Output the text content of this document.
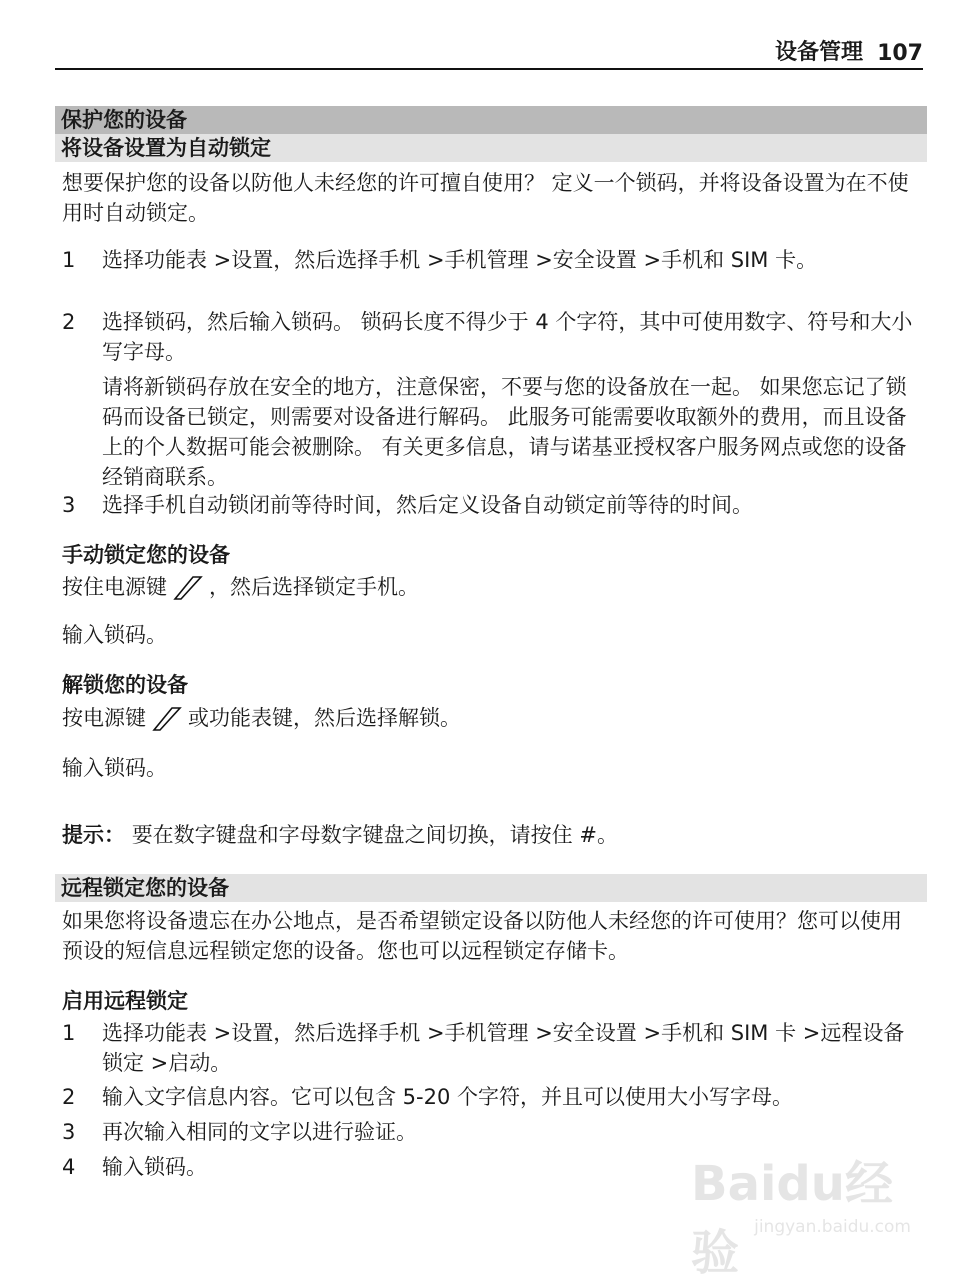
设备管理 107
保护您的设备
将设备设置为自动锁定
想要保护您的设备以防他人未经您的许可擅自使用？ 定义一个锁码，并将设备设置为在不使用时自动锁定。
1	选择功能表 >设置，然后选择手机 >手机管理 >安全设置 >手机和 SIM 卡。
2	选择锁码，然后输入锁码。 锁码长度不得少于 4 个字符，其中可使用数字、符号和大小写字母。
请将新锁码存放在安全的地方，注意保密，不要与您的设备放在一起。 如果您忘记了锁码而设备已锁定，则需要对设备进行解码。 此服务可能需要收取额外的费用，而且设备上的个人数据可能会被删除。 有关更多信息，请与诺基亚授权客户服务网点或您的设备经销商联系。
3	选择手机自动锁闭前等待时间，然后定义设备自动锁定前等待的时间。
手动锁定您的设备
按住电源键 ，然后选择锁定手机。
输入锁码。
解锁您的设备
按电源键 或功能表键，然后选择解锁。
输入锁码。
提示： 要在数字键盘和字母数字键盘之间切换，请按住 #。
远程锁定您的设备
如果您将设备遗忘在办公地点，是否希望锁定设备以防他人未经您的许可使用？您可以使用预设的短信息远程锁定您的设备。您也可以远程锁定存储卡。
启用远程锁定
1	选择功能表 >设置，然后选择手机 >手机管理 >安全设置 >手机和 SIM 卡 >远程设备锁定 >启动。
2	输入文字信息内容。它可以包含 5-20 个字符，并且可以使用大小写字母。
3	再次输入相同的文字以进行验证。
4	输入锁码。	Baidu经验 jingyan.baidu.com
